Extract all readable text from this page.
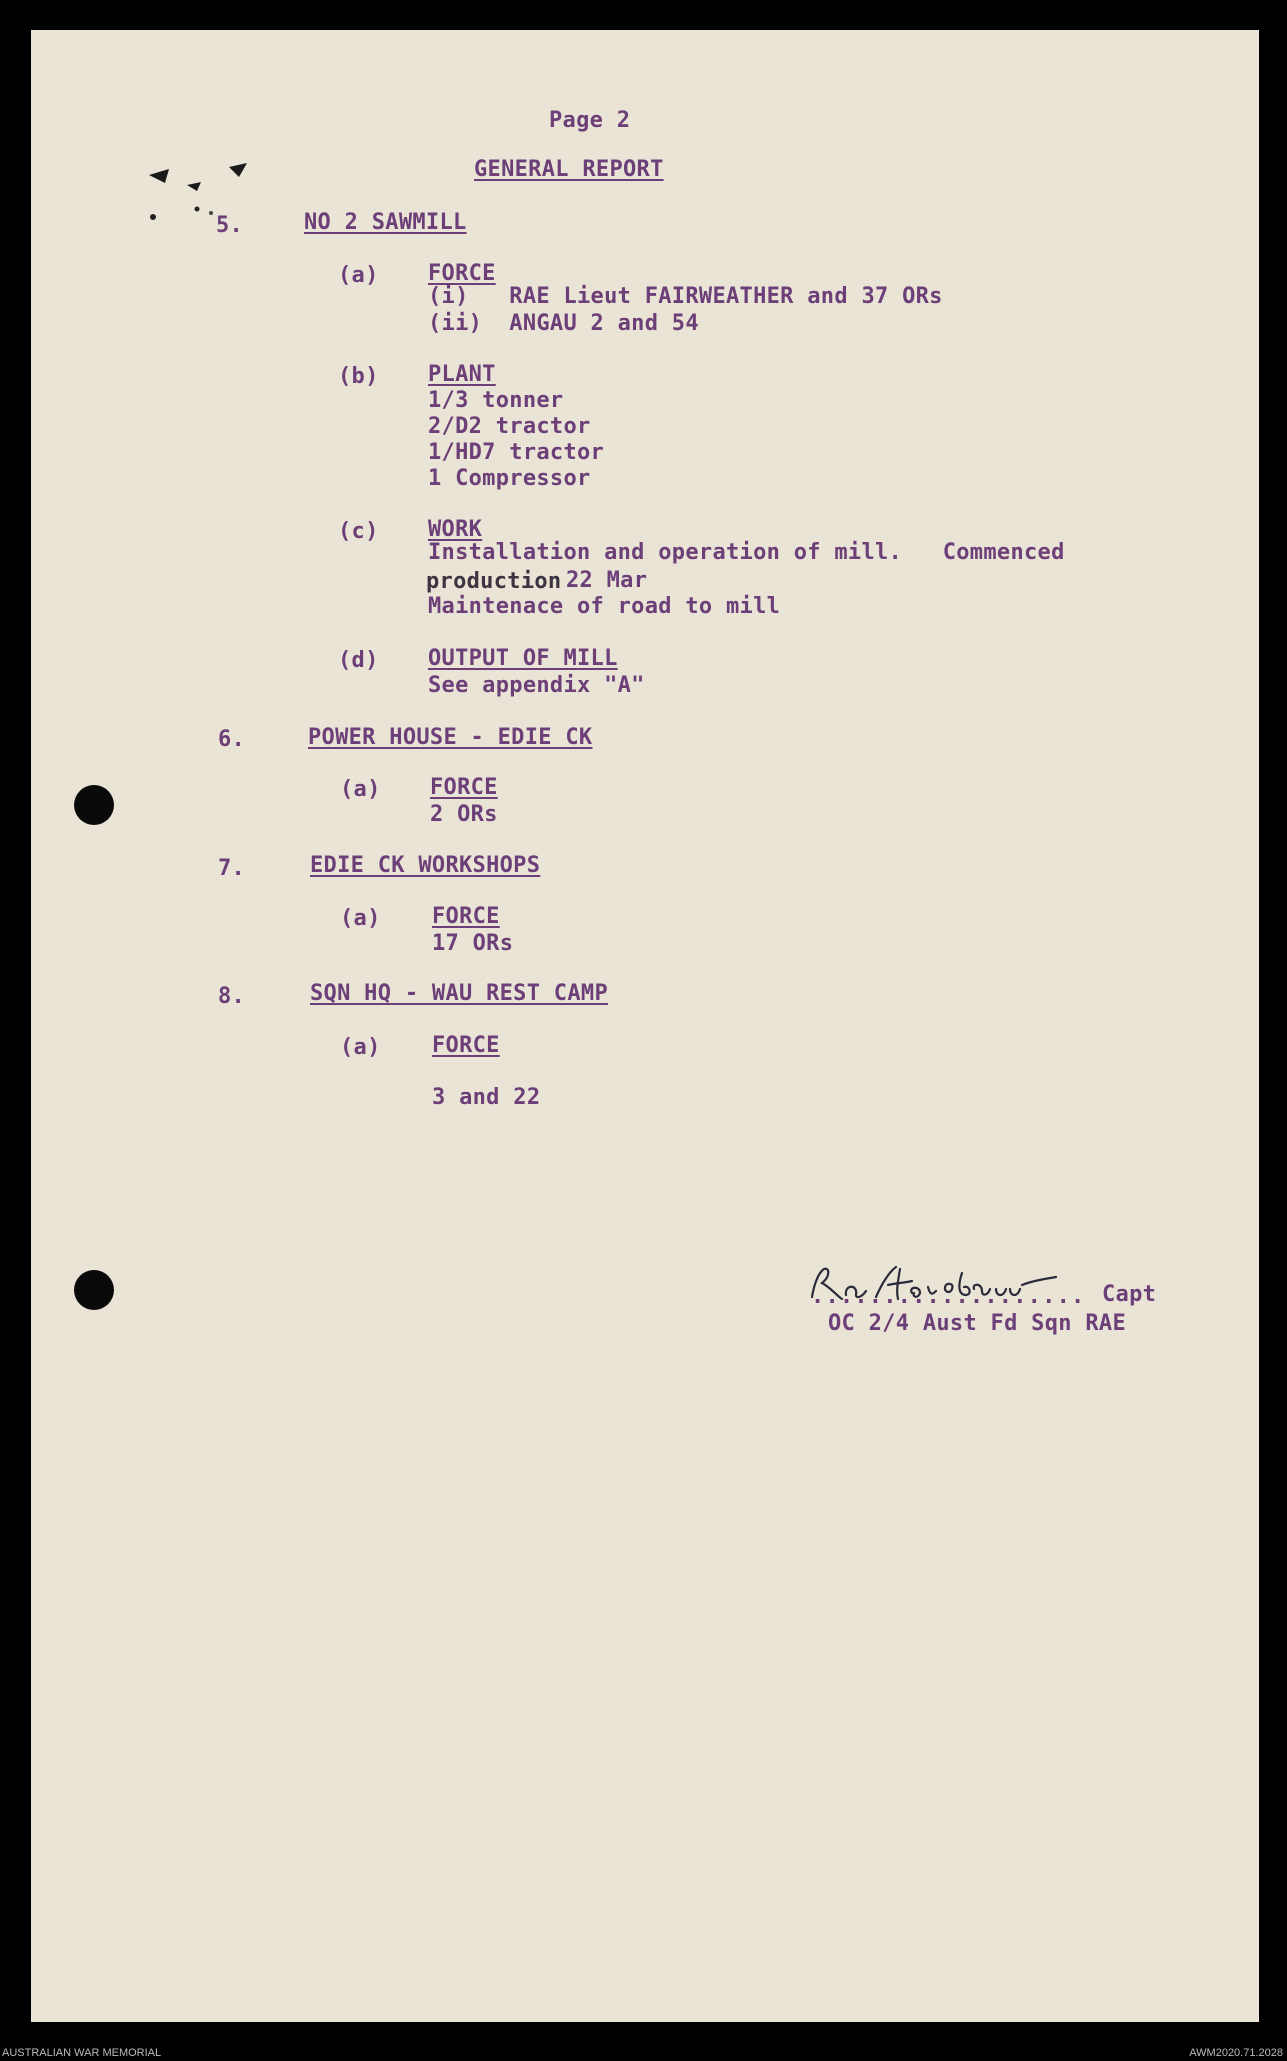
Page 2
GENERAL REPORT
5.	NO 2 SAWMILL
(a) FORCE
(i)   RAE Lieut FAIRWEATHER and 37 ORs
(ii)  ANGAU 2 and 54
(b) PLANT
1/3 tonner
2/D2 tractor
1/HD7 tractor
1 Compressor
(c) WORK
Installation and operation of mill.   Commenced
production 22 Mar
Maintenace of road to mill
(d) OUTPUT OF MILL
See appendix "A"
6.	POWER HOUSE - EDIE CK
(a) FORCE
2 ORs
7.	EDIE CK WORKSHOPS
(a) FORCE
17 ORs
8.	SQN HQ - WAU REST CAMP
(a) FORCE
3 and 22
................... Capt
OC 2/4 Aust Fd Sqn RAE
AUSTRALIAN WAR MEMORIAL	AWM2020.71.2028
